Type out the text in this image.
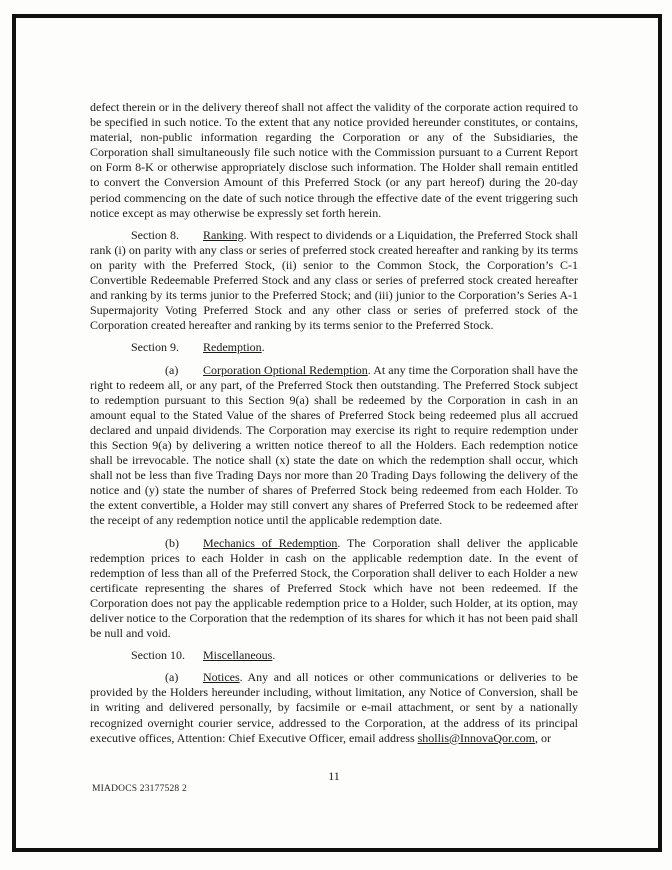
defect therein or in the delivery thereof shall not affect the validity of the corporate action required to be specified in such notice. To the extent that any notice provided hereunder constitutes, or contains, material, non-public information regarding the Corporation or any of the Subsidiaries, the Corporation shall simultaneously file such notice with the Commission pursuant to a Current Report on Form 8-K or otherwise appropriately disclose such information. The Holder shall remain entitled to convert the Conversion Amount of this Preferred Stock (or any part hereof) during the 20-day period commencing on the date of such notice through the effective date of the event triggering such notice except as may otherwise be expressly set forth herein.

Section 8. Ranking. With respect to dividends or a Liquidation, the Preferred Stock shall rank (i) on parity with any class or series of preferred stock created hereafter and ranking by its terms on parity with the Preferred Stock, (ii) senior to the Common Stock, the Corporation’s C-1 Convertible Redeemable Preferred Stock and any class or series of preferred stock created hereafter and ranking by its terms junior to the Preferred Stock; and (iii) junior to the Corporation’s Series A-1 Supermajority Voting Preferred Stock and any other class or series of preferred stock of the Corporation created hereafter and ranking by its terms senior to the Preferred Stock.

Section 9. Redemption.

(a) Corporation Optional Redemption. At any time the Corporation shall have the right to redeem all, or any part, of the Preferred Stock then outstanding. The Preferred Stock subject to redemption pursuant to this Section 9(a) shall be redeemed by the Corporation in cash in an amount equal to the Stated Value of the shares of Preferred Stock being redeemed plus all accrued declared and unpaid dividends. The Corporation may exercise its right to require redemption under this Section 9(a) by delivering a written notice thereof to all the Holders. Each redemption notice shall be irrevocable. The notice shall (x) state the date on which the redemption shall occur, which shall not be less than five Trading Days nor more than 20 Trading Days following the delivery of the notice and (y) state the number of shares of Preferred Stock being redeemed from each Holder. To the extent convertible, a Holder may still convert any shares of Preferred Stock to be redeemed after the receipt of any redemption notice until the applicable redemption date.

(b) Mechanics of Redemption. The Corporation shall deliver the applicable redemption prices to each Holder in cash on the applicable redemption date. In the event of redemption of less than all of the Preferred Stock, the Corporation shall deliver to each Holder a new certificate representing the shares of Preferred Stock which have not been redeemed. If the Corporation does not pay the applicable redemption price to a Holder, such Holder, at its option, may deliver notice to the Corporation that the redemption of its shares for which it has not been paid shall be null and void.

Section 10. Miscellaneous.

(a) Notices. Any and all notices or other communications or deliveries to be provided by the Holders hereunder including, without limitation, any Notice of Conversion, shall be in writing and delivered personally, by facsimile or e-mail attachment, or sent by a nationally recognized overnight courier service, addressed to the Corporation, at the address of its principal executive offices, Attention: Chief Executive Officer, email address shollis@InnovaQor.com, or

11
MIADOCS 23177528 2
